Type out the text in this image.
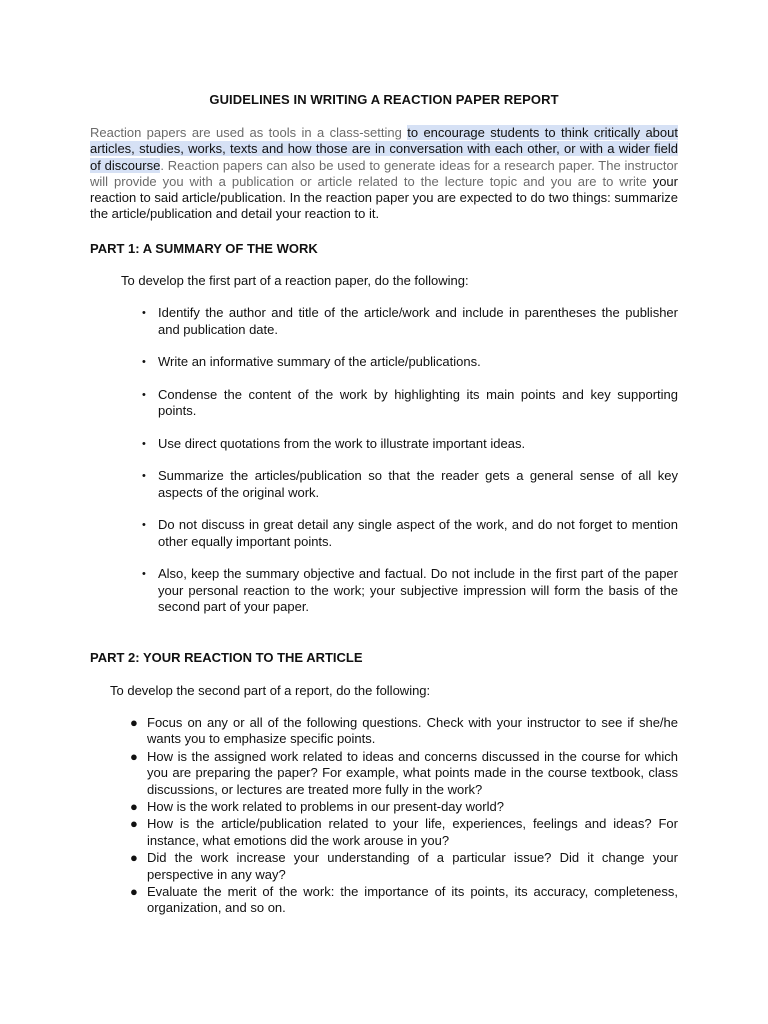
GUIDELINES IN WRITING A REACTION PAPER REPORT
Reaction papers are used as tools in a class-setting to encourage students to think critically about articles, studies, works, texts and how those are in conversation with each other, or with a wider field of discourse. Reaction papers can also be used to generate ideas for a research paper. The instructor will provide you with a publication or article related to the lecture topic and you are to write your reaction to said article/publication. In the reaction paper you are expected to do two things: summarize the article/publication and detail your reaction to it.
PART 1: A SUMMARY OF THE WORK
To develop the first part of a reaction paper, do the following:
• Identify the author and title of the article/work and include in parentheses the publisher and publication date.
• Write an informative summary of the article/publications.
• Condense the content of the work by highlighting its main points and key supporting points.
• Use direct quotations from the work to illustrate important ideas.
• Summarize the articles/publication so that the reader gets a general sense of all key aspects of the original work.
• Do not discuss in great detail any single aspect of the work, and do not forget to mention other equally important points.
• Also, keep the summary objective and factual. Do not include in the first part of the paper your personal reaction to the work; your subjective impression will form the basis of the second part of your paper.
PART 2: YOUR REACTION TO THE ARTICLE
To develop the second part of a report, do the following:
● Focus on any or all of the following questions. Check with your instructor to see if she/he wants you to emphasize specific points.
● How is the assigned work related to ideas and concerns discussed in the course for which you are preparing the paper? For example, what points made in the course textbook, class discussions, or lectures are treated more fully in the work?
● How is the work related to problems in our present-day world?
● How is the article/publication related to your life, experiences, feelings and ideas? For instance, what emotions did the work arouse in you?
● Did the work increase your understanding of a particular issue? Did it change your perspective in any way?
● Evaluate the merit of the work: the importance of its points, its accuracy, completeness, organization, and so on.
